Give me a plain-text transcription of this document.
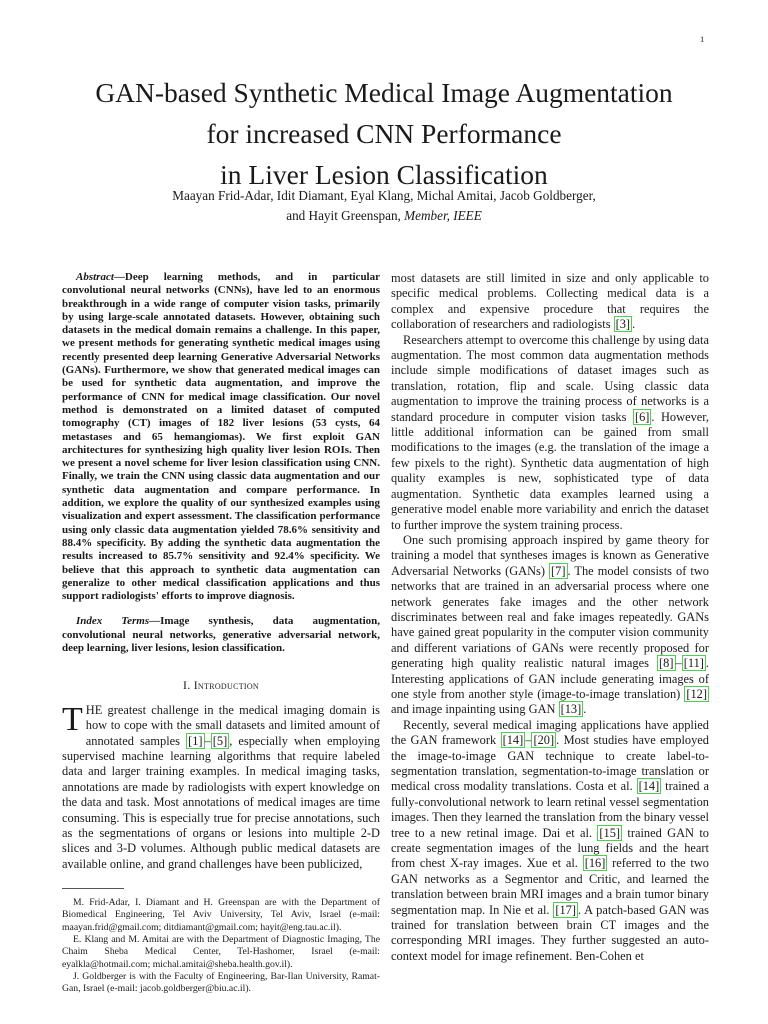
1
GAN-based Synthetic Medical Image Augmentation
for increased CNN Performance
in Liver Lesion Classification
Maayan Frid-Adar, Idit Diamant, Eyal Klang, Michal Amitai, Jacob Goldberger,
and Hayit Greenspan, Member, IEEE

Abstract—Deep learning methods, and in particular convolutional neural networks (CNNs), have led to an enormous breakthrough in a wide range of computer vision tasks, primarily by using large-scale annotated datasets. However, obtaining such datasets in the medical domain remains a challenge. In this paper, we present methods for generating synthetic medical images using recently presented deep learning Generative Adversarial Networks (GANs). Furthermore, we show that generated medical images can be used for synthetic data augmentation, and improve the performance of CNN for medical image classification. Our novel method is demonstrated on a limited dataset of computed tomography (CT) images of 182 liver lesions (53 cysts, 64 metastases and 65 hemangiomas). We first exploit GAN architectures for synthesizing high quality liver lesion ROIs. Then we present a novel scheme for liver lesion classification using CNN. Finally, we train the CNN using classic data augmentation and our synthetic data augmentation and compare performance. In addition, we explore the quality of our synthesized examples using visualization and expert assessment. The classification performance using only classic data augmentation yielded 78.6% sensitivity and 88.4% specificity. By adding the synthetic data augmentation the results increased to 85.7% sensitivity and 92.4% specificity. We believe that this approach to synthetic data augmentation can generalize to other medical classification applications and thus support radiologists' efforts to improve diagnosis.

Index Terms—Image synthesis, data augmentation, convolutional neural networks, generative adversarial network, deep learning, liver lesions, lesion classification.

I. Introduction

THE greatest challenge in the medical imaging domain is how to cope with the small datasets and limited amount of annotated samples [1] – [5] , especially when employing supervised machine learning algorithms that require labeled data and larger training examples. In medical imaging tasks, annotations are made by radiologists with expert knowledge on the data and task. Most annotations of medical images are time consuming. This is especially true for precise annotations, such as the segmentations of organs or lesions into multiple 2-D slices and 3-D volumes. Although public medical datasets are available online, and grand challenges have been publicized,

M. Frid-Adar, I. Diamant and H. Greenspan are with the Department of Biomedical Engineering, Tel Aviv University, Tel Aviv, Israel (e-mail: maayan.frid@gmail.com; ditdiamant@gmail.com; hayit@eng.tau.ac.il).

E. Klang and M. Amitai are with the Department of Diagnostic Imaging, The Chaim Sheba Medical Center, Tel-Hashomer, Israel (e-mail: eyalkla@hotmail.com; michal.amitai@sheba.health.gov.il).

J. Goldberger is with the Faculty of Engineering, Bar-Ilan University, Ramat-Gan, Israel (e-mail: jacob.goldberger@biu.ac.il).

most datasets are still limited in size and only applicable to specific medical problems. Collecting medical data is a complex and expensive procedure that requires the collaboration of researchers and radiologists [3] .

Researchers attempt to overcome this challenge by using data augmentation. The most common data augmentation methods include simple modifications of dataset images such as translation, rotation, flip and scale. Using classic data augmentation to improve the training process of networks is a standard procedure in computer vision tasks [6] . However, little additional information can be gained from small modifications to the images (e.g. the translation of the image a few pixels to the right). Synthetic data augmentation of high quality examples is new, sophisticated type of data augmentation. Synthetic data examples learned using a generative model enable more variability and enrich the dataset to further improve the system training process.

One such promising approach inspired by game theory for training a model that syntheses images is known as Generative Adversarial Networks (GANs) [7] . The model consists of two networks that are trained in an adversarial process where one network generates fake images and the other network discriminates between real and fake images repeatedly. GANs have gained great popularity in the computer vision community and different variations of GANs were recently proposed for generating high quality realistic natural images [8] – [11] . Interesting applications of GAN include generating images of one style from another style (image-to-image translation) [12] and image inpainting using GAN [13] .

Recently, several medical imaging applications have applied the GAN framework [14] – [20] . Most studies have employed the image-to-image GAN technique to create label-to-segmentation translation, segmentation-to-image translation or medical cross modality translations. Costa et al. [14] trained a fully-convolutional network to learn retinal vessel segmentation images. Then they learned the translation from the binary vessel tree to a new retinal image. Dai et al. [15] trained GAN to create segmentation images of the lung fields and the heart from chest X-ray images. Xue et al. [16] referred to the two GAN networks as a Segmentor and Critic, and learned the translation between brain MRI images and a brain tumor binary segmentation map. In Nie et al. [17] . A patch-based GAN was trained for translation between brain CT images and the corresponding MRI images. They further suggested an auto-context model for image refinement. Ben-Cohen et
